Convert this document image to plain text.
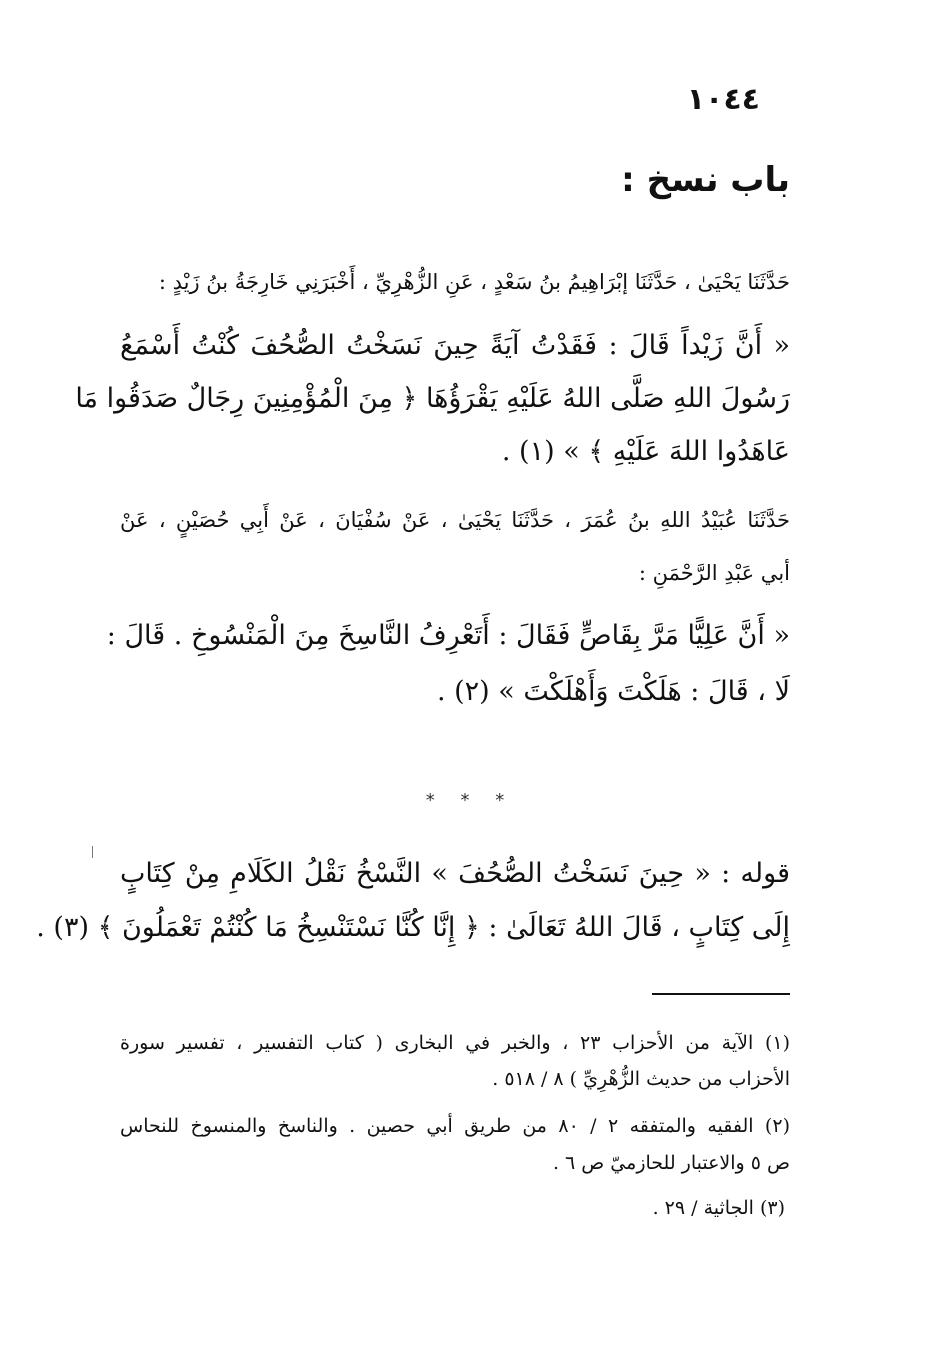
١٠٤٤
باب نسخ :
حَدَّثَنَا يَحْيَىٰ ، حَدَّثَنَا إبْرَاهِيمُ بنُ سَعْدٍ ، عَنِ الزُّهْرِيِّ ، أَخْبَرَنِي خَارِجَةُ بنُ زَيْدٍ :
« أَنَّ زَيْداً قَالَ : فَقَدْتُ آيَةً حِينَ نَسَخْتُ الصُّحُفَ كُنْتُ أَسْمَعُ
رَسُولَ اللهِ صَلَّى اللهُ عَلَيْهِ يَقْرَؤُهَا ﴿ مِنَ الْمُؤْمِنِينَ رِجَالٌ صَدَقُوا مَا
عَاهَدُوا اللهَ عَلَيْهِ ﴾ » (١) .
حَدَّثَنَا عُبَيْدُ اللهِ بنُ عُمَرَ ، حَدَّثَنَا يَحْيَىٰ ، عَنْ سُفْيَانَ ، عَنْ أَبِي حُصَيْنٍ ، عَنْ
أبي عَبْدِ الرَّحْمَنِ :
« أَنَّ عَلِيًّا مَرَّ بِقَاصٍّ فَقَالَ : أَتَعْرِفُ النَّاسِخَ مِنَ الْمَنْسُوخِ . قَالَ :
لَا ، قَالَ : هَلَكْتَ وَأَهْلَكْتَ » (٢) .
* * *
قوله : « حِينَ نَسَخْتُ الصُّحُفَ » النَّسْخُ نَقْلُ الكَلَامِ مِنْ كِتَابٍ
إِلَى كِتَابٍ ، قَالَ اللهُ تَعَالَىٰ : ﴿ إِنَّا كُنَّا نَسْتَنْسِخُ مَا كُنْتُمْ تَعْمَلُونَ ﴾ (٣) .
(١) الآية من الأحزاب ٢٣ ، والخبر في البخارى ( كتاب التفسير ، تفسير سورة
الأحزاب من حديث الزُّهْرِيِّ ) ٨ / ٥١٨ .
(٢) الفقيه والمتفقه ٢ / ٨٠ من طريق أبي حصين . والناسخ والمنسوخ للنحاس
ص ٥ والاعتبار للحازميّ ص ٦ .
(٣) الجاثية / ٢٩ .
